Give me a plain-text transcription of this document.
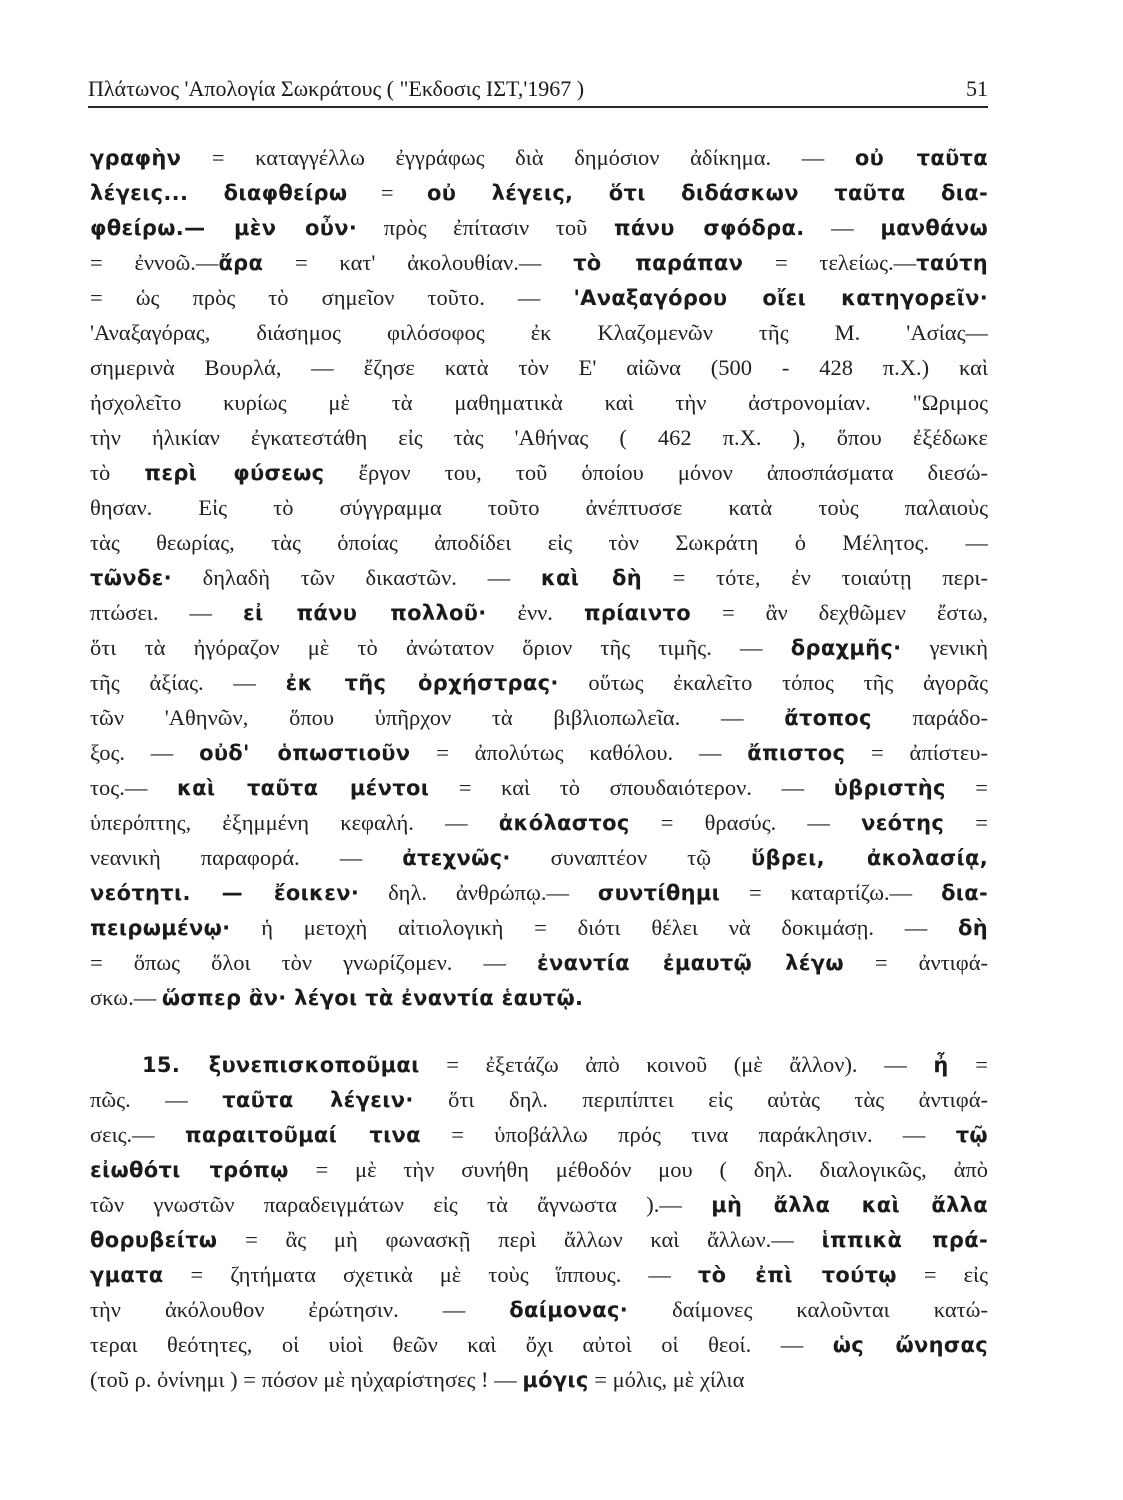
Πλάτωνος 'Απολογία Σωκράτους ( "Εκδοσις ΙΣΤ,'1967 )	51
γραφὴν = καταγγέλλω ἐγγράφως διὰ δημόσιον ἀδίκημα. — οὐ ταῦτα
λέγεις... διαφθείρω = οὐ λέγεις, ὅτι διδάσκων ταῦτα δια-
φθείρω.— μὲν οὖν· πρὸς ἐπίτασιν τοῦ πάνυ σφόδρα. — μανθάνω
= ἐννοῶ.—ἄρα = κατ' ἀκολουθίαν.— τὸ παράπαν = τελείως.—ταύτη
= ὡς πρὸς τὸ σημεῖον τοῦτο. — 'Αναξαγόρου οἴει κατηγορεῖν·
'Αναξαγόρας, διάσημος φιλόσοφος ἐκ Κλαζομενῶν τῆς Μ. 'Ασίας—
σημερινὰ Βουρλά, — ἔζησε κατὰ τὸν Ε' αἰῶνα (500 - 428 π.Χ.) καὶ
ἠσχολεῖτο κυρίως μὲ τὰ μαθηματικὰ καὶ τὴν ἀστρονομίαν. "Ωριμος
τὴν ἡλικίαν ἐγκατεστάθη εἰς τὰς 'Αθήνας ( 462 π.Χ. ), ὅπου ἐξέδωκε
τὸ περὶ φύσεως ἔργον του, τοῦ ὁποίου μόνον ἀποσπάσματα διεσώ-
θησαν. Εἰς τὸ σύγγραμμα τοῦτο ἀνέπτυσσε κατὰ τοὺς παλαιοὺς
τὰς θεωρίας, τὰς ὁποίας ἀποδίδει εἰς τὸν Σωκράτη ὁ Μέλητος. —
τῶνδε· δηλαδὴ τῶν δικαστῶν. — καὶ δὴ = τότε, ἐν τοιαύτῃ περι-
πτώσει. — εἰ πάνυ πολλοῦ· ἐνν. πρίαιντο = ἂν δεχθῶμεν ἔστω,
ὅτι τὰ ἠγόραζον μὲ τὸ ἀνώτατον ὅριον τῆς τιμῆς. — δραχμῆς· γενικὴ
τῆς ἀξίας. — ἐκ τῆς ὀρχήστρας· οὕτως ἐκαλεῖτο τόπος τῆς ἀγορᾶς
τῶν 'Αθηνῶν, ὅπου ὑπῆρχον τὰ βιβλιοπωλεῖα. — ἄτοπος παράδο-
ξος. — οὐδ' ὁπωστιοῦν = ἀπολύτως καθόλου. — ἄπιστος = ἀπίστευ-
τος.— καὶ ταῦτα μέντοι = καὶ τὸ σπουδαιότερον. — ὑβριστὴς =
ὑπερόπτης, ἐξημμένη κεφαλή. — ἀκόλαστος = θρασύς. — νεότης =
νεανικὴ παραφορά. — ἀτεχνῶς· συναπτέον τῷ ὕβρει, ἀκολασίᾳ,
νεότητι. — ἔοικεν· δηλ. ἀνθρώπῳ.— συντίθημι = καταρτίζω.— δια-
πειρωμένῳ· ἡ μετοχὴ αἰτιολογικὴ = διότι θέλει νὰ δοκιμάσῃ. — δὴ
= ὅπως ὅλοι τὸν γνωρίζομεν. — ἐναντία ἐμαυτῷ λέγω = ἀντιφά-
σκω.— ὥσπερ ἂν· λέγοι τὰ ἐναντία ἑαυτῷ.
15. ξυνεπισκοποῦμαι = ἐξετάζω ἀπὸ κοινοῦ (μὲ ἄλλον). — ἦ =
πῶς. — ταῦτα λέγειν· ὅτι δηλ. περιπίπτει εἰς αὐτὰς τὰς ἀντιφά-
σεις.— παραιτοῦμαί τινα = ὑποβάλλω πρός τινα παράκλησιν. — τῷ
εἰωθότι τρόπῳ = μὲ τὴν συνήθη μέθοδόν μου ( δηλ. διαλογικῶς, ἀπὸ
τῶν γνωστῶν παραδειγμάτων εἰς τὰ ἄγνωστα ).— μὴ ἄλλα καὶ ἄλλα
θορυβείτω = ἂς μὴ φωνασκῇ περὶ ἄλλων καὶ ἄλλων.— ἱππικὰ πρά-
γματα = ζητήματα σχετικὰ μὲ τοὺς ἵππους. — τὸ ἐπὶ τούτῳ = εἰς
τὴν ἀκόλουθον ἐρώτησιν. — δαίμονας· δαίμονες καλοῦνται κατώ-
τεραι θεότητες, οἱ υἱοὶ θεῶν καὶ ὄχι αὐτοὶ οἱ θεοί. — ὡς ὤνησας
(τοῦ ρ. ὀνίνημι ) = πόσον μὲ ηὐχαρίστησες ! — μόγις = μόλις, μὲ χίλια
